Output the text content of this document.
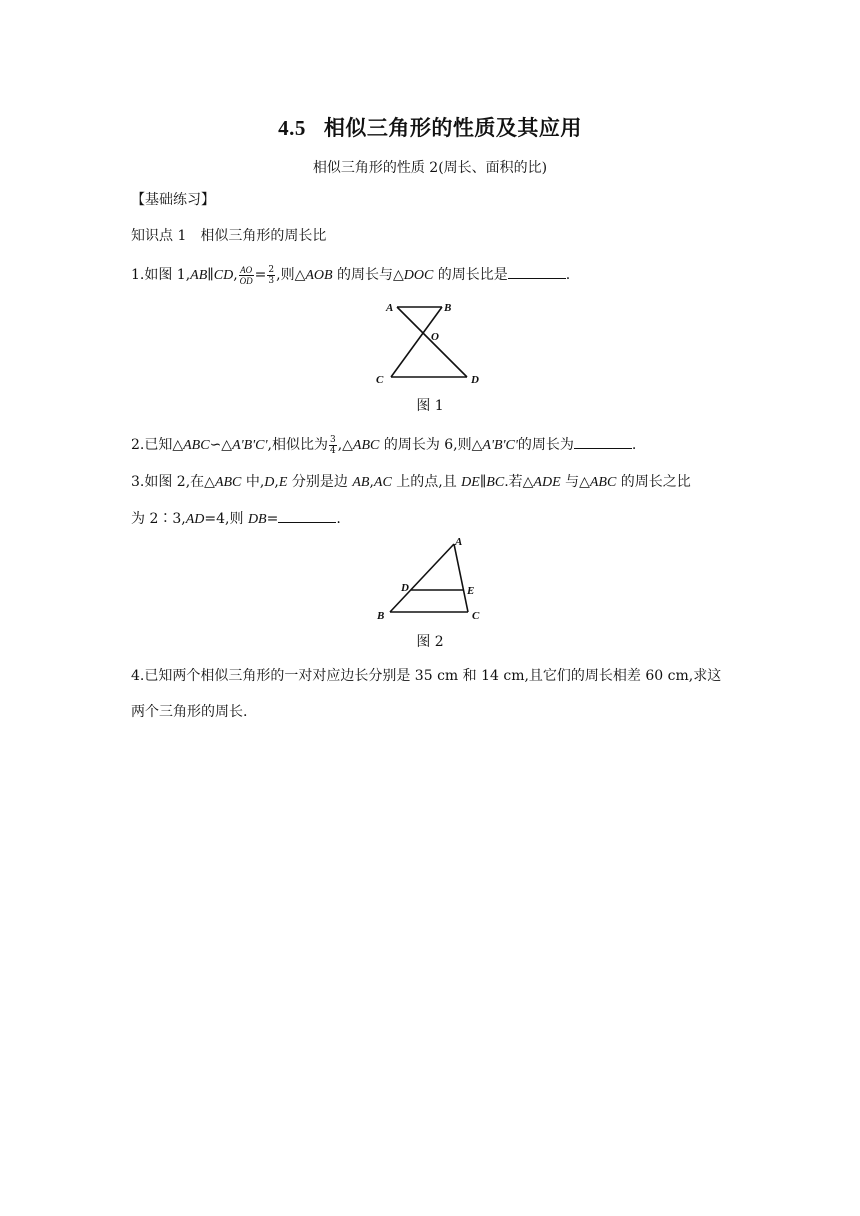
4.5 相似三角形的性质及其应用
相似三角形的性质 2(周长、面积的比)
【基础练习】
知识点 1　相似三角形的周长比
1.如图 1,AB∥CD, $\frac{AO}{OD} = \frac{2}{3}$ ,则△AOB 的周长与△DOC 的周长比是	.
A	B
O
C	D
图 1
2.已知△ABC∽△A'B'C',相似比为 $\frac{3}{4}$ ,△ABC 的周长为 6,则△A'B'C'的周长为	.
3.如图 2,在△ABC 中,D,E 分别是边 AB,AC 上的点,且 DE∥BC.若△ADE 与△ABC 的周长之比
为 2∶3,AD=4,则 DB=	.
A
D	E
B	C
图 2
4.已知两个相似三角形的一对对应边长分别是 35 cm 和 14 cm,且它们的周长相差 60 cm,求这
两个三角形的周长.
